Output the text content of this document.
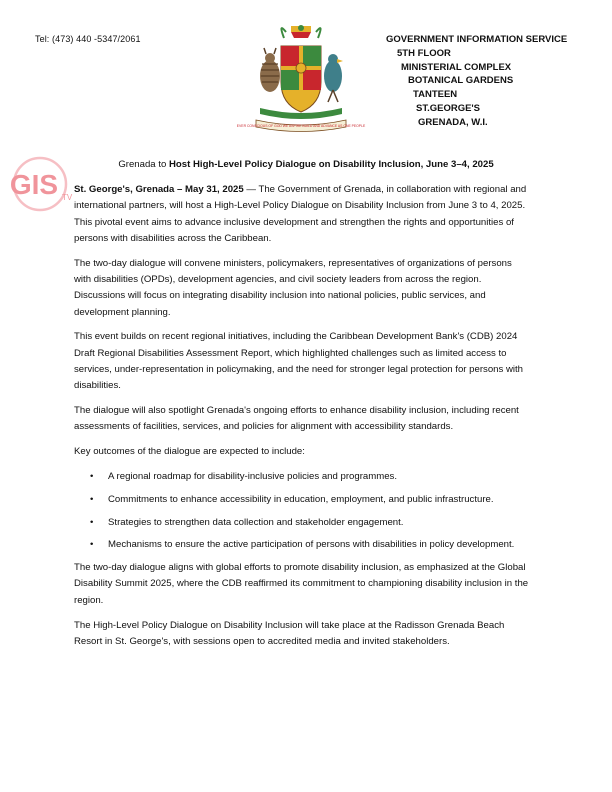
Tel: (473) 440 -5347/2061
EVER CONSCIOUS OF GOD WE ASPIRE BUILD AND ADVANCE AS ONE PEOPLE
GOVERNMENT INFORMATION SERVICE
5TH FLOOR
MINISTERIAL COMPLEX
BOTANICAL GARDENS
TANTEEN
ST.GEORGE'S
GRENADA, W.I.
GIS TV
Grenada to Host High-Level Policy Dialogue on Disability Inclusion, June 3–4, 2025

St. George's, Grenada – May 31, 2025 — The Government of Grenada, in collaboration with regional and international partners, will host a High-Level Policy Dialogue on Disability Inclusion from June 3 to 4, 2025. This pivotal event aims to advance inclusive development and strengthen the rights and opportunities of persons with disabilities across the Caribbean.

The two-day dialogue will convene ministers, policymakers, representatives of organizations of persons with disabilities (OPDs), development agencies, and civil society leaders from across the region. Discussions will focus on integrating disability inclusion into national policies, public services, and development planning.

This event builds on recent regional initiatives, including the Caribbean Development Bank's (CDB) 2024 Draft Regional Disabilities Assessment Report, which highlighted challenges such as limited access to services, under-representation in policymaking, and the need for stronger legal protection for persons with disabilities.

The dialogue will also spotlight Grenada's ongoing efforts to enhance disability inclusion, including recent assessments of facilities, services, and policies for alignment with accessibility standards.

Key outcomes of the dialogue are expected to include:

• A regional roadmap for disability-inclusive policies and programmes.
• Commitments to enhance accessibility in education, employment, and public infrastructure.
• Strategies to strengthen data collection and stakeholder engagement.
• Mechanisms to ensure the active participation of persons with disabilities in policy development.

The two-day dialogue aligns with global efforts to promote disability inclusion, as emphasized at the Global Disability Summit 2025, where the CDB reaffirmed its commitment to championing disability inclusion in the region.

The High-Level Policy Dialogue on Disability Inclusion will take place at the Radisson Grenada Beach Resort in St. George's, with sessions open to accredited media and invited stakeholders.
